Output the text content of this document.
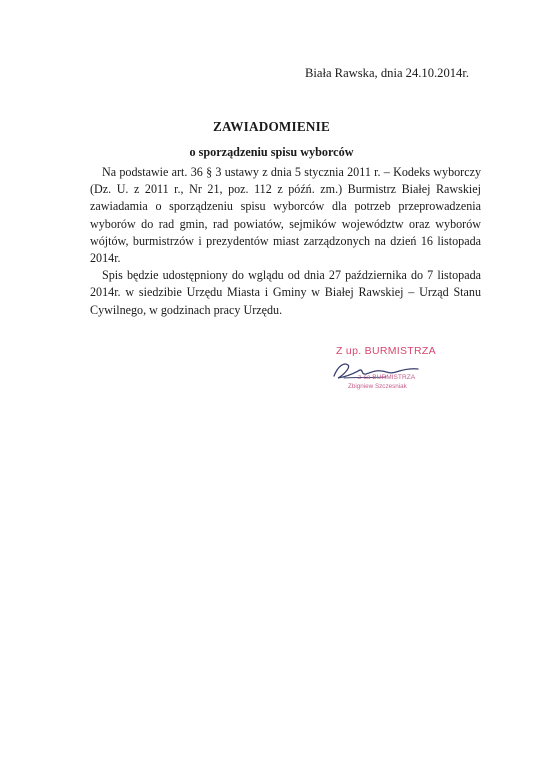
Biała Rawska, dnia 24.10.2014r.
ZAWIADOMIENIE
o sporządzeniu spisu wyborców

Na podstawie art. 36 § 3 ustawy z dnia 5 stycznia 2011 r. – Kodeks wyborczy (Dz. U. z 2011 r., Nr 21, poz. 112 z późń. zm.) Burmistrz Białej Rawskiej zawiadamia o sporządzeniu spisu wyborców dla potrzeb przeprowadzenia wyborów do rad gmin, rad powiatów, sejmików województw oraz wyborów wójtów, burmistrzów i prezydentów miast zarządzonych na dzień 16 listopada 2014r.

Spis będzie udostępniony do wglądu od dnia 27 października do 7 listopada 2014r. w siedzibie Urzędu Miasta i Gminy w Białej Rawskiej – Urząd Stanu Cywilnego, w godzinach pracy Urzędu.

Z up. BURMISTRZA
z-ca BURMISTRZA
Zbigniew Szczesniak
